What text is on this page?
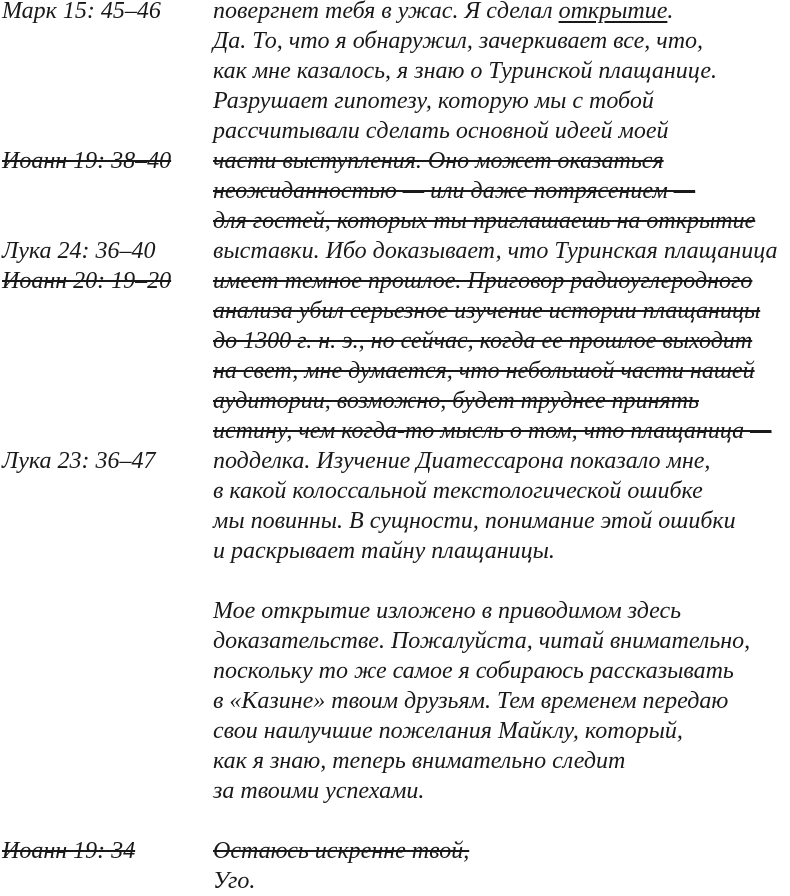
Марк 15: 45–46	повергнет тебя в ужас. Я сделал открытие.
Да. То, что я обнаружил, зачеркивает все, что,
как мне казалось, я знаю о Туринской плащанице.
Разрушает гипотезу, которую мы с тобой
рассчитывали сделать основной идеей моей
Иоанн 19: 38–40	части выступления. Оно может оказаться
неожиданностью — или даже потрясением —
для гостей, которых ты приглашаешь на открытие
Лука 24: 36–40	выставки. Ибо доказывает, что Туринская плащаница
Иоанн 20: 19–20	имеет темное прошлое. Приговор радиоуглеродного
анализа убил серьезное изучение истории плащаницы
до 1300 г. н. э., но сейчас, когда ее прошлое выходит
на свет, мне думается, что небольшой части нашей
аудитории, возможно, будет труднее принять
истину, чем когда-то мысль о том, что плащаница —
Лука 23: 36–47	подделка. Изучение Диатессарона показало мне,
в какой колоссальной текстологической ошибке
мы повинны. В сущности, понимание этой ошибки
и раскрывает тайну плащаницы.
Мое открытие изложено в приводимом здесь
доказательстве. Пожалуйста, читай внимательно,
поскольку то же самое я собираюсь рассказывать
в «Казине» твоим друзьям. Тем временем передаю
свои наилучшие пожелания Майклу, который,
как я знаю, теперь внимательно следит
за твоими успехами.
Иоанн 19: 34	Остаюсь искренне твой,
Уго.
